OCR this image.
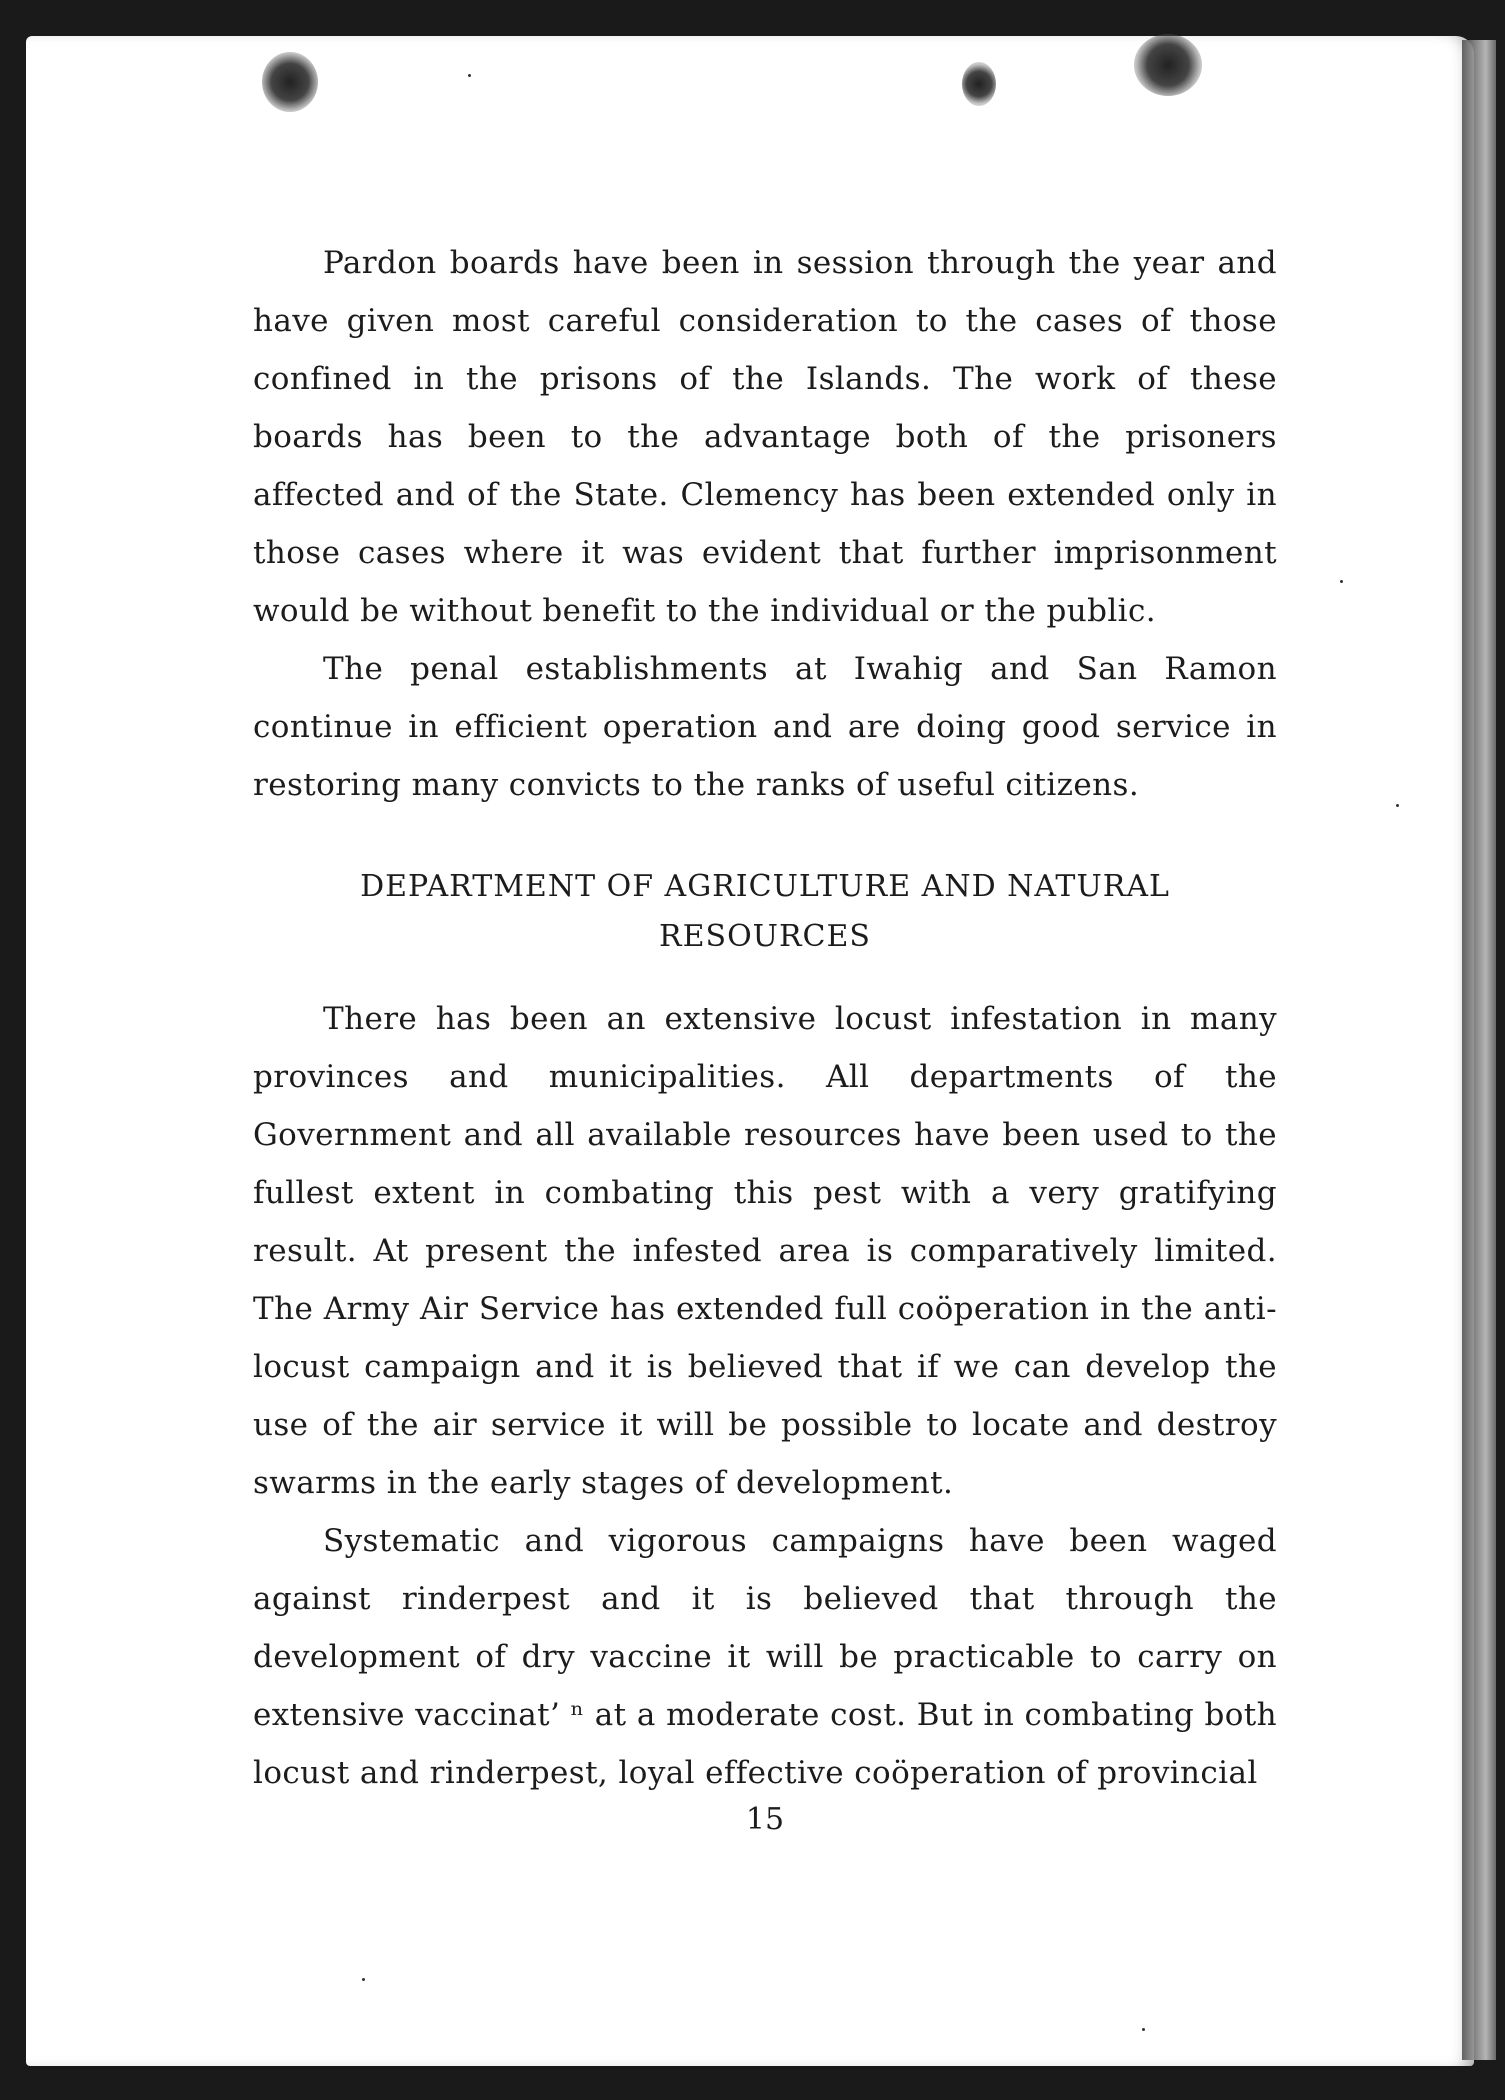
Pardon boards have been in session through the year and have given most careful consideration to the cases of those confined in the prisons of the Islands. The work of these boards has been to the advantage both of the prisoners affected and of the State. Clemency has been extended only in those cases where it was evident that further imprisonment would be without benefit to the individual or the public.

The penal establishments at Iwahig and San Ramon continue in efficient operation and are doing good service in restoring many convicts to the ranks of useful citizens.

DEPARTMENT OF AGRICULTURE AND NATURAL
RESOURCES

There has been an extensive locust infestation in many provinces and municipalities. All departments of the Government and all available resources have been used to the fullest extent in combating this pest with a very gratifying result. At present the infested area is comparatively limited. The Army Air Service has extended full coöperation in the anti-locust campaign and it is believed that if we can develop the use of the air service it will be possible to locate and destroy swarms in the early stages of development.

Systematic and vigorous campaigns have been waged against rinderpest and it is believed that through the development of dry vaccine it will be practicable to carry on extensive vaccinat’ ⁿ at a moderate cost. But in combating both locust and rinderpest, loyal effective coöperation of provincial

15
